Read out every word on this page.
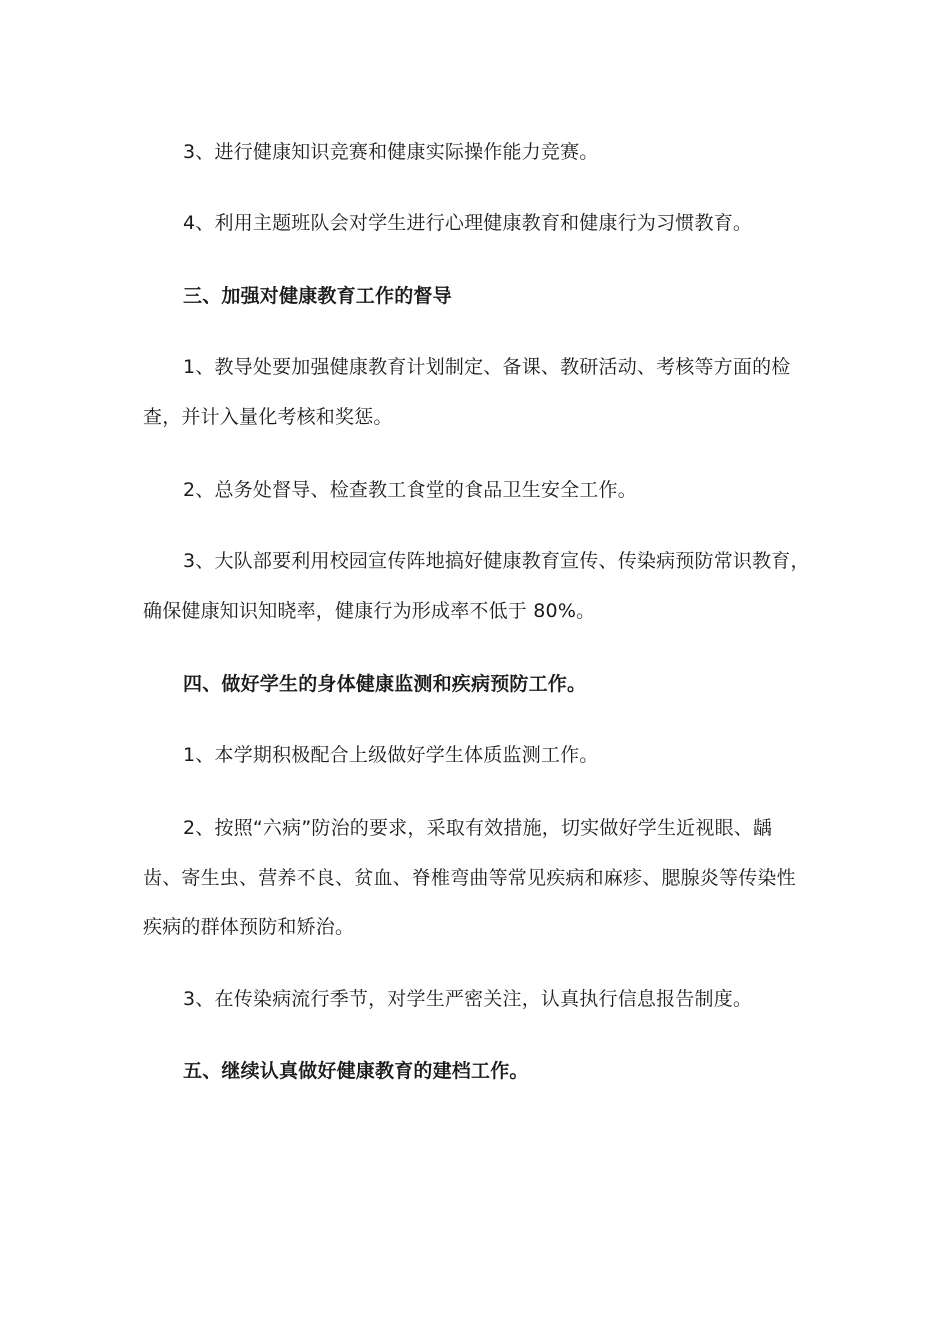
3、进行健康知识竞赛和健康实际操作能力竞赛。
4、利用主题班队会对学生进行心理健康教育和健康行为习惯教育。
三、加强对健康教育工作的督导
1、教导处要加强健康教育计划制定、备课、教研活动、考核等方面的检
查，并计入量化考核和奖惩。
2、总务处督导、检查教工食堂的食品卫生安全工作。
3、大队部要利用校园宣传阵地搞好健康教育宣传、传染病预防常识教育，
确保健康知识知晓率，健康行为形成率不低于 80%。
四、做好学生的身体健康监测和疾病预防工作。
1、本学期积极配合上级做好学生体质监测工作。
2、按照“六病”防治的要求，采取有效措施，切实做好学生近视眼、龋
齿、寄生虫、营养不良、贫血、脊椎弯曲等常见疾病和麻疹、腮腺炎等传染性
疾病的群体预防和矫治。
3、在传染病流行季节，对学生严密关注，认真执行信息报告制度。
五、继续认真做好健康教育的建档工作。
